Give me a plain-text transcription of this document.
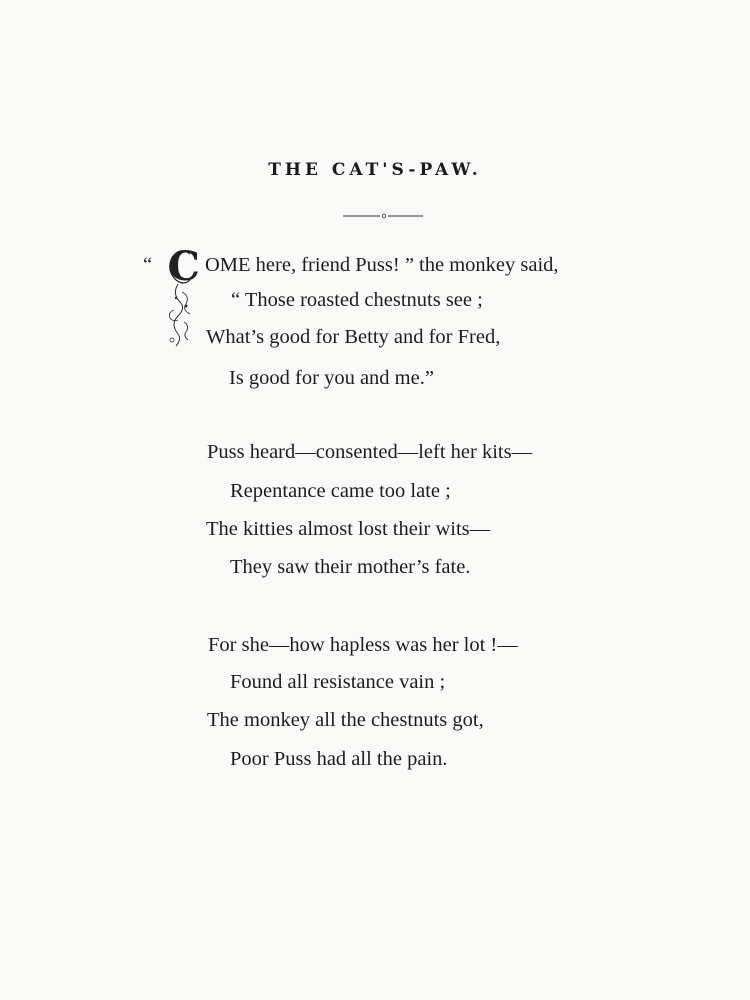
THE CAT'S-PAW.
“ C OME here, friend Puss! ” the monkey said,
“ Those roasted chestnuts see ;
What’s good for Betty and for Fred,
Is good for you and me.”
Puss heard—consented—left her kits—
Repentance came too late ;
The kitties almost lost their wits—
They saw their mother’s fate.
For she—how hapless was her lot !—
Found all resistance vain ;
The monkey all the chestnuts got,
Poor Puss had all the pain.
